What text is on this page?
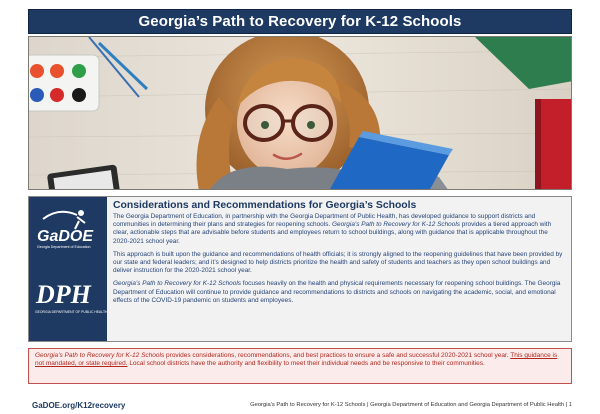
Georgia’s Path to Recovery for K-12 Schools
GaDOE
Georgia Department of Education
DPH
GEORGIA DEPARTMENT OF PUBLIC HEALTH

Considerations and Recommendations for Georgia’s Schools

The Georgia Department of Education, in partnership with the Georgia Department of Public Health, has developed guidance to support districts and communities in determining their plans and strategies for reopening schools. Georgia’s Path to Recovery for K-12 Schools provides a tiered approach with clear, actionable steps that are advisable before students and employees return to school buildings, along with guidance that is applicable throughout the 2020-2021 school year.

This approach is built upon the guidance and recommendations of health officials; it is strongly aligned to the reopening guidelines that have been provided by our state and federal leaders; and it’s designed to help districts prioritize the health and safety of students and teachers as they open school buildings and deliver instruction for the 2020-2021 school year.

Georgia’s Path to Recovery for K-12 Schools focuses heavily on the health and physical requirements necessary for reopening school buildings. The Georgia Department of Education will continue to provide guidance and recommendations to districts and schools on navigating the academic, social, and emotional effects of the COVID-19 pandemic on students and employees.

Georgia’s Path to Recovery for K-12 Schools provides considerations, recommendations, and best practices to ensure a safe and successful 2020-2021 school year. This guidance is not mandated, or state required. Local school districts have the authority and flexibility to meet their individual needs and be responsive to their communities.

GaDOE.org/K12recovery	Georgia’s Path to Recovery for K-12 Schools | Georgia Department of Education and Georgia Department of Public Health | 1
